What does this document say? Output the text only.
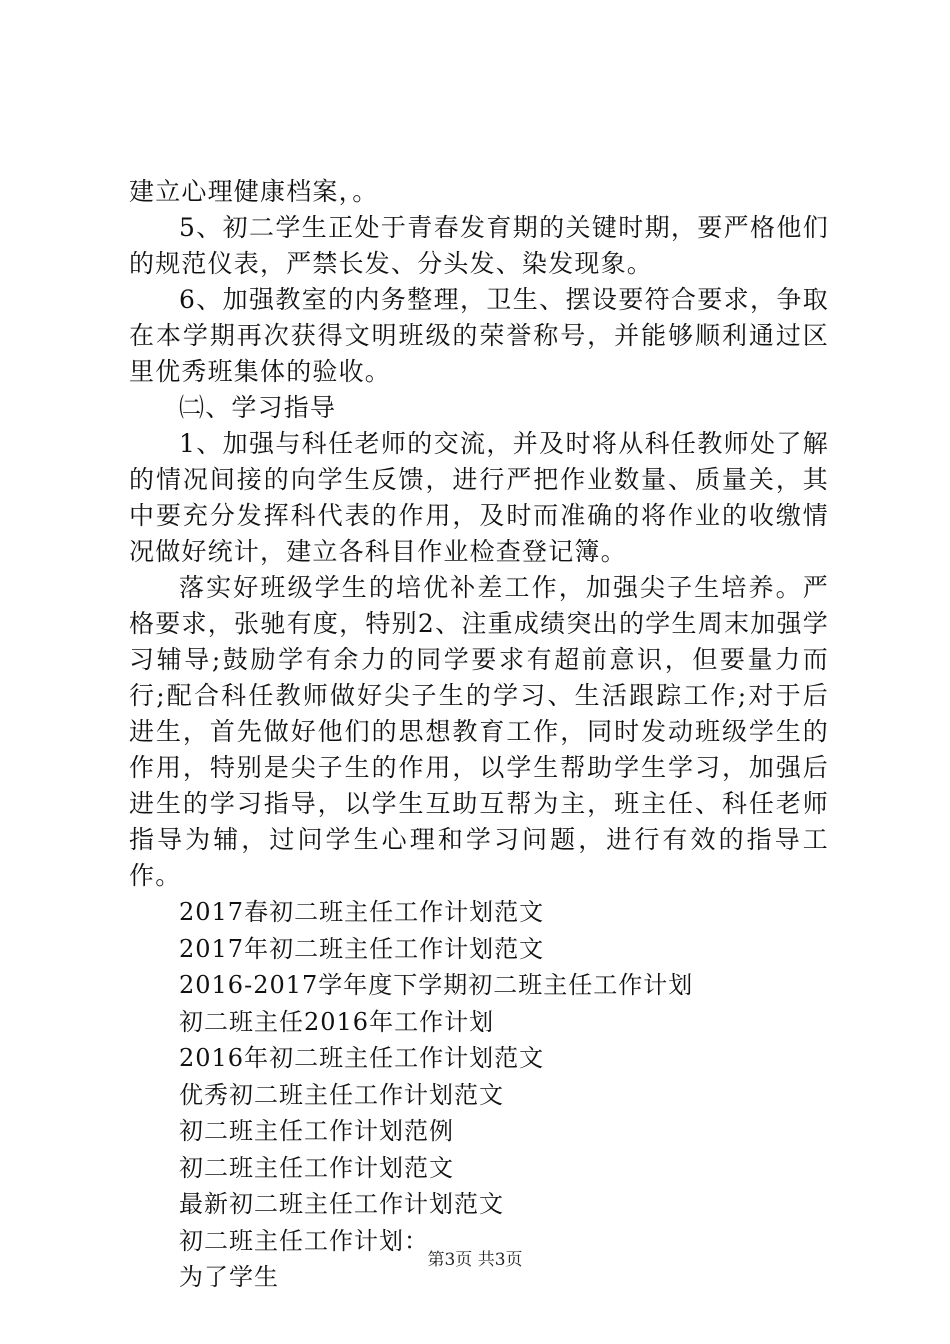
建立心理健康档案，。

5、初二学生正处于青春发育期的关键时期，要严格他们的规范仪表，严禁长发、分头发、染发现象。

6、加强教室的内务整理，卫生、摆设要符合要求，争取在本学期再次获得文明班级的荣誉称号，并能够顺利通过区里优秀班集体的验收。

㈡、学习指导

1、加强与科任老师的交流，并及时将从科任教师处了解的情况间接的向学生反馈，进行严把作业数量、质量关，其中要充分发挥科代表的作用，及时而准确的将作业的收缴情况做好统计，建立各科目作业检查登记簿。

落实好班级学生的培优补差工作，加强尖子生培养。严格要求，张驰有度，特别2、注重成绩突出的学生周末加强学习辅导;鼓励学有余力的同学要求有超前意识，但要量力而行;配合科任教师做好尖子生的学习、生活跟踪工作;对于后进生，首先做好他们的思想教育工作，同时发动班级学生的作用，特别是尖子生的作用，以学生帮助学生学习，加强后进生的学习指导，以学生互助互帮为主，班主任、科任老师指导为辅，过问学生心理和学习问题，进行有效的指导工作。

2017春初二班主任工作计划范文

2017年初二班主任工作计划范文

2016-2017学年度下学期初二班主任工作计划

初二班主任2016年工作计划

2016年初二班主任工作计划范文

优秀初二班主任工作计划范文

初二班主任工作计划范例

初二班主任工作计划范文

最新初二班主任工作计划范文

初二班主任工作计划：

为了学生

第3页 共3页
